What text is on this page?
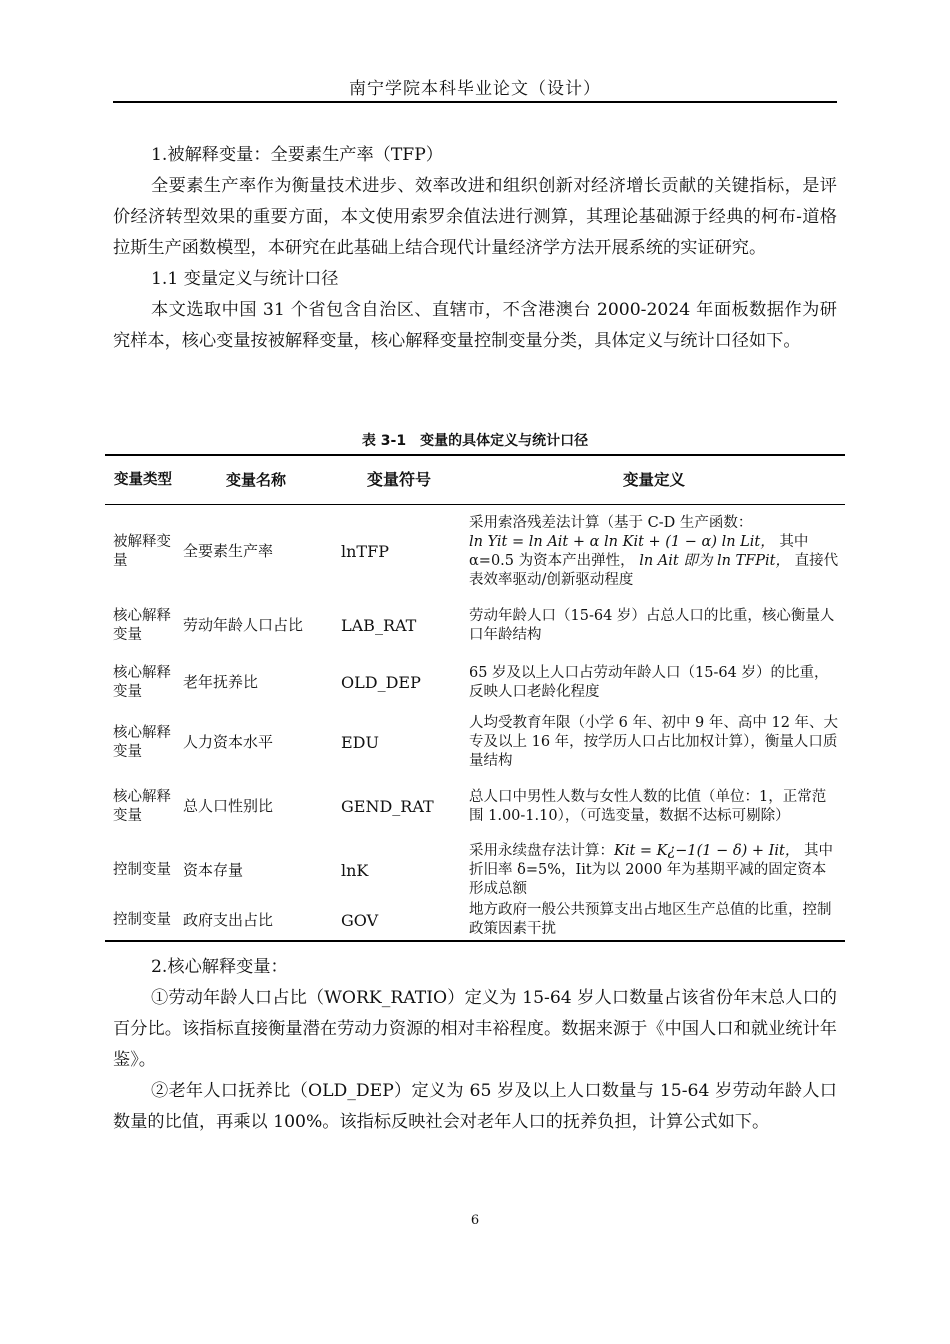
南宁学院本科毕业论文（设计）

1.被解释变量：全要素生产率（TFP）

全要素生产率作为衡量技术进步、效率改进和组织创新对经济增长贡献的关键指标，是评价经济转型效果的重要方面，本文使用索罗余值法进行测算，其理论基础源于经典的柯布-道格拉斯生产函数模型，本研究在此基础上结合现代计量经济学方法开展系统的实证研究。

1.1 变量定义与统计口径

本文选取中国 31 个省包含自治区、直辖市，不含港澳台 2000-2024 年面板数据作为研究样本，核心变量按被解释变量，核心解释变量控制变量分类，具体定义与统计口径如下。

表 3-1　变量的具体定义与统计口径
变量类型	变量名称	变量符号	变量定义
被解释变量	全要素生产率	lnTFP	采用索洛残差法计算（基于 C-D 生产函数：
ln Yit = ln Ait + α ln Kit + (1 − α) ln Lit， 其中 α=0.5 为资本产出弹性， ln Ait 即为 ln TFPit， 直接代表效率驱动/创新驱动程度
核心解释变量	劳动年龄人口占比	LAB_RAT	劳动年龄人口（15-64 岁）占总人口的比重，核心衡量人口年龄结构
核心解释变量	老年抚养比	OLD_DEP	65 岁及以上人口占劳动年龄人口（15-64 岁）的比重，反映人口老龄化程度
核心解释变量	人力资本水平	EDU	人均受教育年限（小学 6 年、初中 9 年、高中 12 年、大专及以上 16 年，按学历人口占比加权计算），衡量人口质量结构
核心解释变量	总人口性别比	GEND_RAT	总人口中男性人数与女性人数的比值（单位：1，正常范围 1.00-1.10），（可选变量，数据不达标可剔除）
控制变量	资本存量	lnK	采用永续盘存法计算：Kit = K¿−1(1 − δ) + Iit， 其中折旧率 δ=5%，Iit为以 2000 年为基期平减的固定资本形成总额
控制变量	政府支出占比	GOV	地方政府一般公共预算支出占地区生产总值的比重，控制政策因素干扰

2.核心解释变量：

①劳动年龄人口占比（WORK_RATIO）定义为 15-64 岁人口数量占该省份年末总人口的百分比。该指标直接衡量潜在劳动力资源的相对丰裕程度。数据来源于《中国人口和就业统计年鉴》。

②老年人口抚养比（OLD_DEP）定义为 65 岁及以上人口数量与 15-64 岁劳动年龄人口数量的比值，再乘以 100%。该指标反映社会对老年人口的抚养负担，计算公式如下。

6
